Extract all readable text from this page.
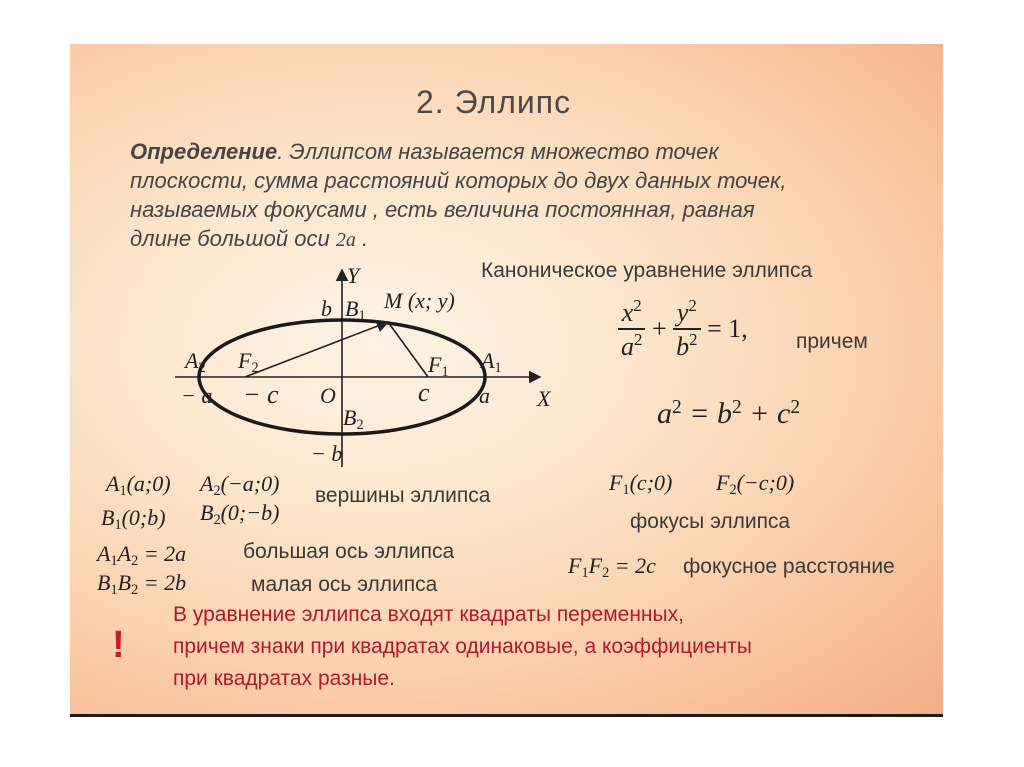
2. Эллипс
Определение. Эллипсом называется множество точек
плоскости, сумма расстояний которых до двух данных точек,
называемых фокусами , есть величина постоянная, равная
длине большой оси 2a .
Y
b $B_1$
M (x; y)
$A_2$ $F_2$	$F_1$ $A_1$
− a − c O	c a X
$B_2$
− b
Каноническое уравнение эллипса
$\frac{x^2}{a^2} + \frac{y^2}{b^2} = 1$, причем
$a^2 = b^2 + c^2$
$A_1(a;0)$ $A_2(-a;0)$
$B_1(0;b)$ $B_2(0;-b)$
вершины эллипса
$A_1A_2 = 2a$
$B_1B_2 = 2b$
большая ось эллипса
малая ось эллипса
$F_1(c;0)$ $F_2(-c;0)$
фокусы эллипса
$F_1F_2 = 2c$ фокусное расстояние
!
В уравнение эллипса входят квадраты переменных,
причем знаки при квадратах одинаковые, а коэффициенты
при квадратах разные.
